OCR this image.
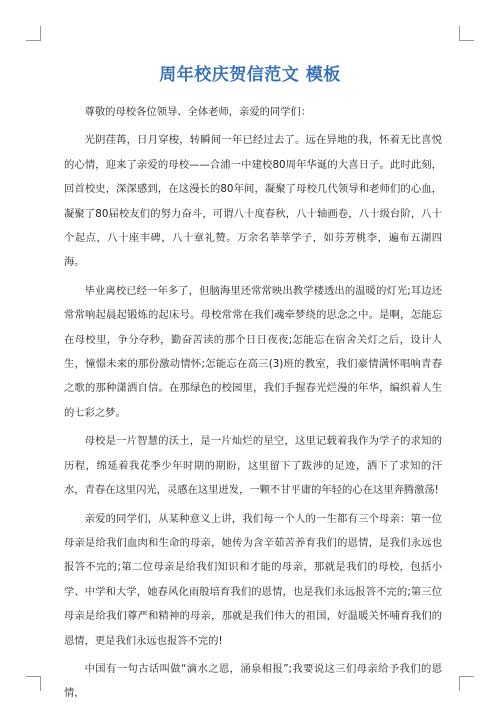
周年校庆贺信范文 模板

尊敬的母校各位领导、全体老师，亲爱的同学们：

光阴荏苒，日月穿梭，转瞬间一年已经过去了。远在异地的我，怀着无比喜悦的心情，迎来了亲爱的母校——合浦一中建校80周年华诞的大喜日子。此时此刻，回首校史，深深感到，在这漫长的80年间，凝聚了母校几代领导和老师们的心血，凝聚了80届校友们的努力奋斗，可谓八十度春秋，八十轴画卷，八十级台阶，八十个起点，八十座丰碑，八十章礼赞。万余名莘莘学子，如芬芳桃李，遍布五湖四海。

毕业离校已经一年多了，但脑海里还常常映出教学楼透出的温暖的灯光;耳边还常常响起晨起锻炼的起床号。母校常常在我们魂牵梦绕的思念之中。是啊，怎能忘在母校里，争分夺秒，勤奋苦读的那个日日夜夜;怎能忘在宿舍关灯之后，设计人生，憧憬未来的那份激动情怀;怎能忘在高三(3)班的教室，我们豪情满怀唱响青春之歌的那种潇洒自信。在那绿色的校园里，我们手握春光烂漫的年华，编织着人生的七彩之梦。

母校是一片智慧的沃土，是一片灿烂的星空，这里记载着我作为学子的求知的历程，绵延着我花季少年时期的期盼，这里留下了跋涉的足迹，洒下了求知的汗水，青春在这里闪光，灵感在这里迸发，一颗不甘平庸的年轻的心在这里奔腾激荡!

亲爱的同学们，从某种意义上讲，我们每一个人的一生都有三个母亲：第一位母亲是给我们血肉和生命的母亲，她传为含辛茹苦养育我们的恩情，是我们永远也报答不完的;第二位母亲是给我们知识和才能的母亲，那就是我们的母校，包括小学、中学和大学，她春风化雨般培育我们的恩情，也是我们永远报答不完的;第三位母亲是给我们尊严和精神的母亲，那就是我们伟大的祖国，好温暖关怀哺育我们的恩情，更是我们永远也报答不完的!

中国有一句古话叫做“滴水之恩，涌泉相报”;我要说这三们母亲给予我们的恩情，
